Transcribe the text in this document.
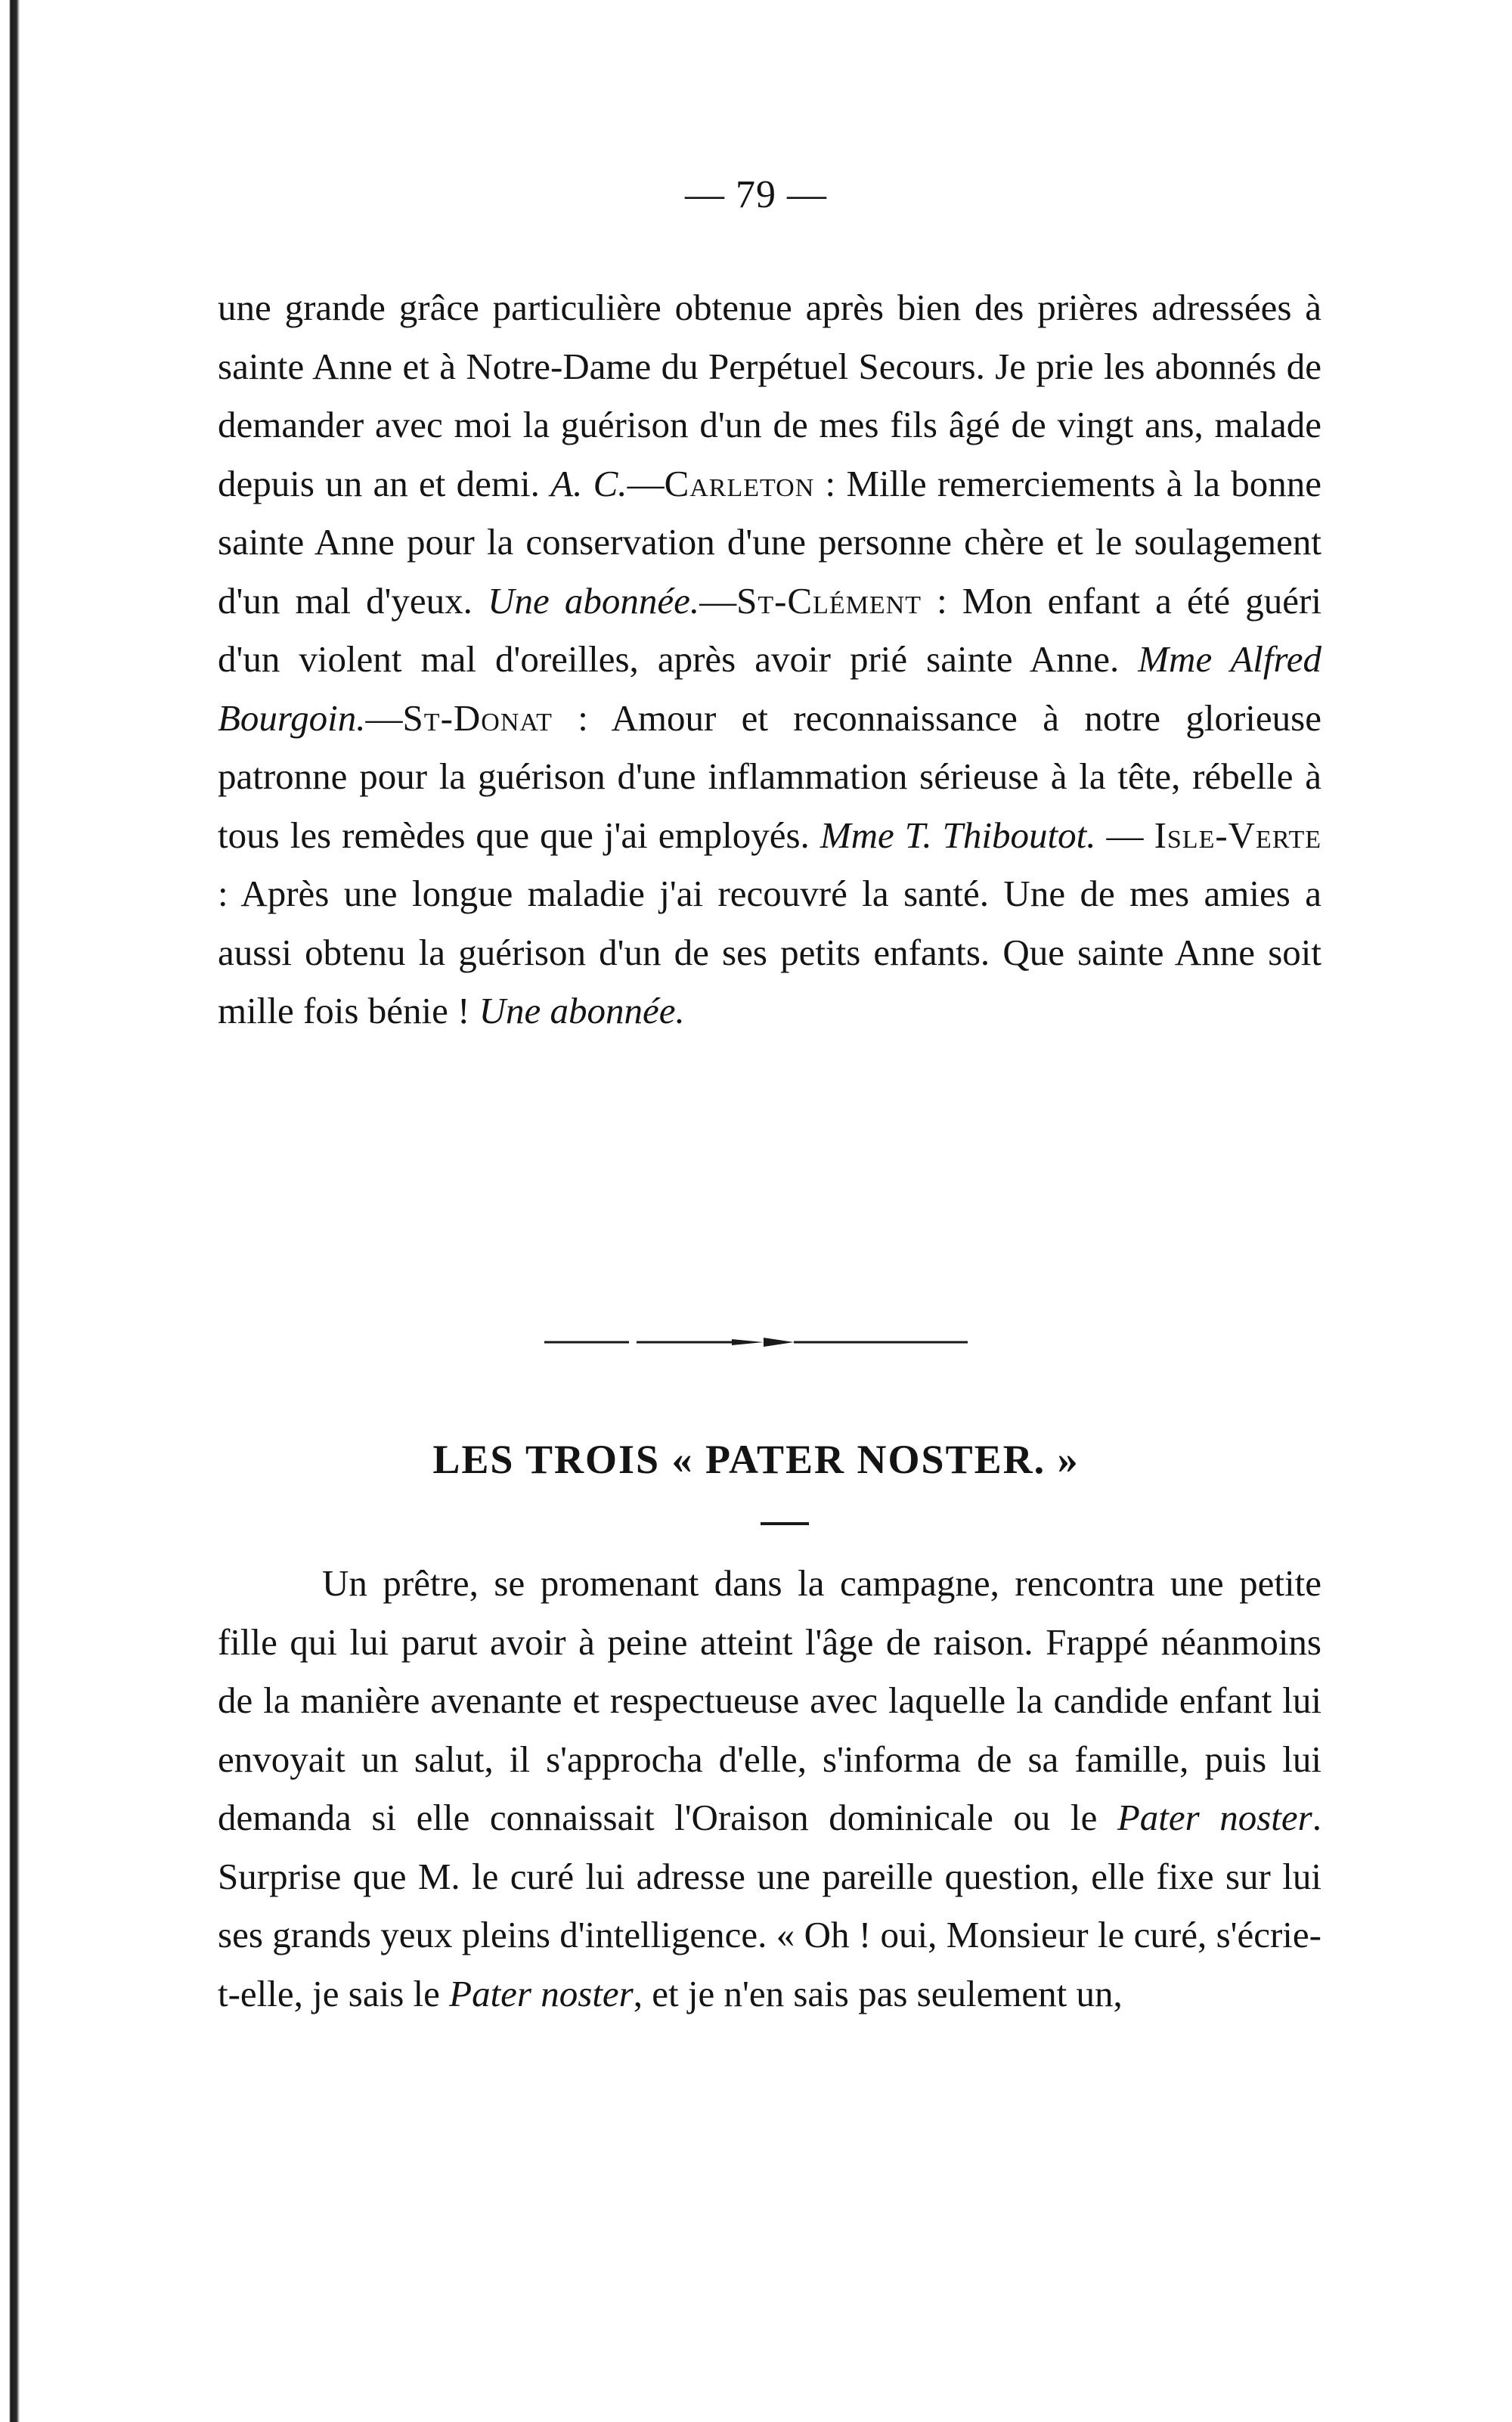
— 79 —
une grande grâce particulière obtenue après bien des prières adressées à sainte Anne et à Notre-Dame du Perpétuel Secours. Je prie les abonnés de demander avec moi la guérison d'un de mes fils âgé de vingt ans, malade depuis un an et demi. A. C.—Carleton : Mille remerciements à la bonne sainte Anne pour la conservation d'une personne chère et le soulagement d'un mal d'yeux. Une abonnée.—St-Clément : Mon enfant a été guéri d'un violent mal d'oreilles, après avoir prié sainte Anne. Mme Alfred Bourgoin.—St-Donat : Amour et reconnaissance à notre glorieuse patronne pour la guérison d'une inflammation sérieuse à la tête, rébelle à tous les remèdes que que j'ai employés. Mme T. Thiboutot. — Isle-Verte : Après une longue maladie j'ai recouvré la santé. Une de mes amies a aussi obtenu la guérison d'un de ses petits enfants. Que sainte Anne soit mille fois bénie ! Une abonnée.
LES TROIS « PATER NOSTER. »
Un prêtre, se promenant dans la campagne, rencontra une petite fille qui lui parut avoir à peine atteint l'âge de raison. Frappé néanmoins de la manière avenante et respectueuse avec laquelle la candide enfant lui envoyait un salut, il s'approcha d'elle, s'informa de sa famille, puis lui demanda si elle connaissait l'Oraison dominicale ou le Pater noster. Surprise que M. le curé lui adresse une pareille question, elle fixe sur lui ses grands yeux pleins d'intelligence. « Oh ! oui, Monsieur le curé, s'écrie-t-elle, je sais le Pater noster, et je n'en sais pas seulement un,
